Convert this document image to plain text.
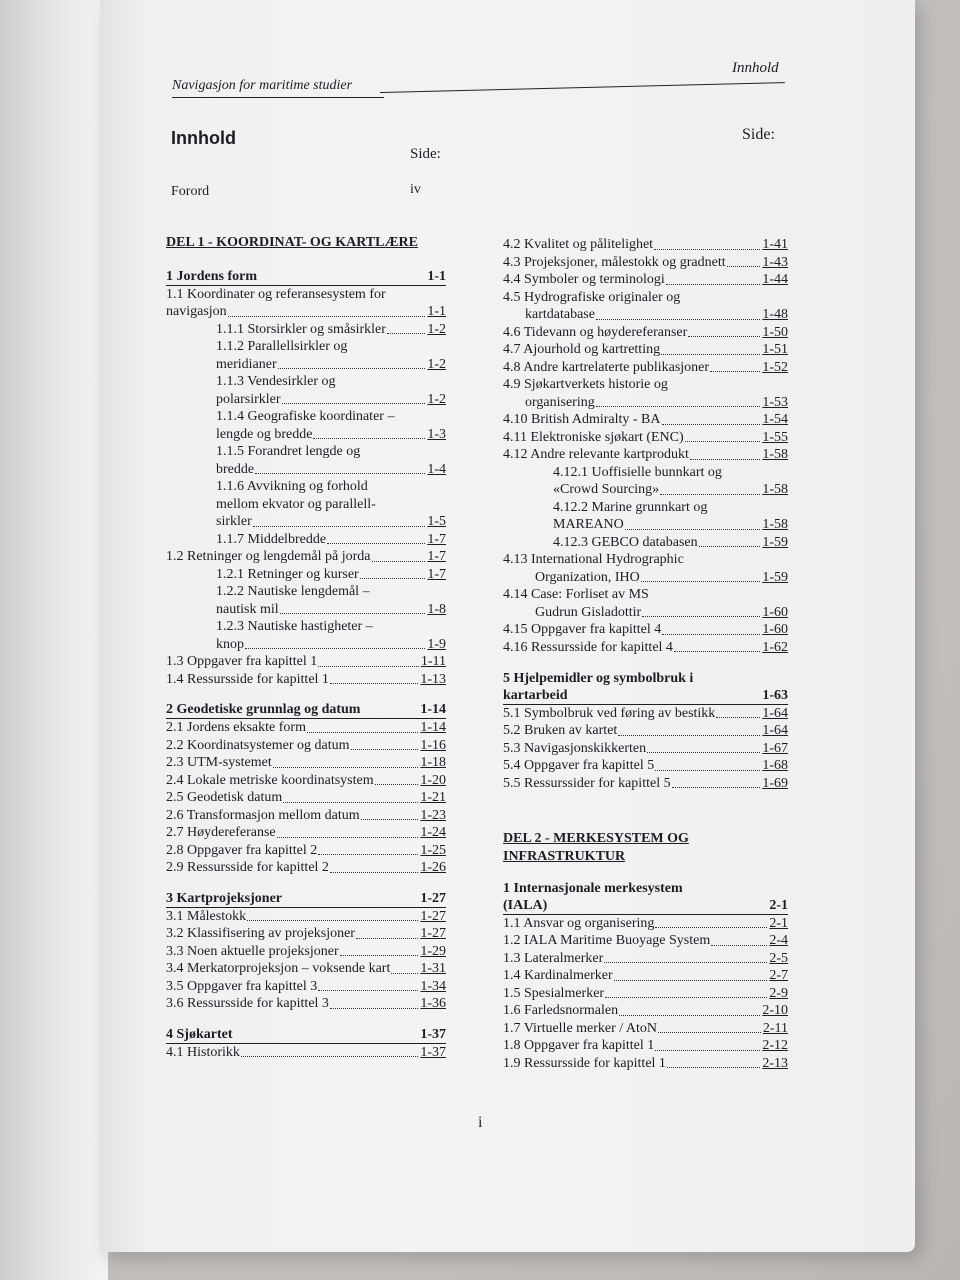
Navigasjon for maritime studier
Innhold
Innhold
Side:
Side:
Forord	iv
DEL 1 - KOORDINAT- OG KARTLÆRE
1 Jordens form	1-1
1.1 Koordinater og referansesystem for
navigasjon	1-1
1.1.1 Storsirkler og småsirkler	1-2
1.1.2 Parallellsirkler og
meridianer	1-2
1.1.3 Vendesirkler og
polarsirkler	1-2
1.1.4 Geografiske koordinater –
lengde og bredde	1-3
1.1.5 Forandret lengde og
bredde	1-4
1.1.6 Avvikning og forhold
mellom ekvator og parallell-
sirkler	1-5
1.1.7 Middelbredde	1-7
1.2 Retninger og lengdemål på jorda	1-7
1.2.1 Retninger og kurser	1-7
1.2.2 Nautiske lengdemål –
nautisk mil	1-8
1.2.3 Nautiske hastigheter –
knop	1-9
1.3 Oppgaver fra kapittel 1	1-11
1.4 Ressursside for kapittel 1	1-13
2 Geodetiske grunnlag og datum	1-14
2.1 Jordens eksakte form	1-14
2.2 Koordinatsystemer og datum	1-16
2.3 UTM-systemet	1-18
2.4 Lokale metriske koordinatsystem	1-20
2.5 Geodetisk datum	1-21
2.6 Transformasjon mellom datum	1-23
2.7 Høydereferanse	1-24
2.8 Oppgaver fra kapittel 2	1-25
2.9 Ressursside for kapittel 2	1-26
3 Kartprojeksjoner	1-27
3.1 Målestokk	1-27
3.2 Klassifisering av projeksjoner	1-27
3.3 Noen aktuelle projeksjoner	1-29
3.4 Merkatorprojeksjon – voksende kart 1-31
3.5 Oppgaver fra kapittel 3	1-34
3.6 Ressursside for kapittel 3	1-36
4 Sjøkartet	1-37
4.1 Historikk	1-37
4.2 Kvalitet og pålitelighet	1-41
4.3 Projeksjoner, målestokk og gradnett	1-43
4.4 Symboler og terminologi	1-44
4.5 Hydrografiske originaler og
kartdatabase	1-48
4.6 Tidevann og høydereferanser	1-50
4.7 Ajourhold og kartretting	1-51
4.8 Andre kartrelaterte publikasjoner	1-52
4.9 Sjøkartverkets historie og
organisering	1-53
4.10 British Admiralty - BA	1-54
4.11 Elektroniske sjøkart (ENC)	1-55
4.12 Andre relevante kartprodukt	1-58
4.12.1 Uoffisielle bunnkart og
«Crowd Sourcing»	1-58
4.12.2 Marine grunnkart og
MAREANO	1-58
4.12.3 GEBCO databasen	1-59
4.13 International Hydrographic
Organization, IHO	1-59
4.14 Case: Forliset av MS
Gudrun Gisladottir	1-60
4.15 Oppgaver fra kapittel 4	1-60
4.16 Ressursside for kapittel 4	1-62
5 Hjelpemidler og symbolbruk i
kartarbeid	1-63
5.1 Symbolbruk ved føring av bestikk	1-64
5.2 Bruken av kartet	1-64
5.3 Navigasjonskikkerten	1-67
5.4 Oppgaver fra kapittel 5	1-68
5.5 Ressurssider for kapittel 5	1-69
DEL 2 - MERKESYSTEM OG
INFRASTRUKTUR
1 Internasjonale merkesystem
(IALA)	2-1
1.1 Ansvar og organisering	2-1
1.2 IALA Maritime Buoyage System	2-4
1.3 Lateralmerker	2-5
1.4 Kardinalmerker	2-7
1.5 Spesialmerker	2-9
1.6 Farledsnormalen	2-10
1.7 Virtuelle merker / AtoN	2-11
1.8 Oppgaver fra kapittel 1	2-12
1.9 Ressursside for kapittel 1	2-13
i
